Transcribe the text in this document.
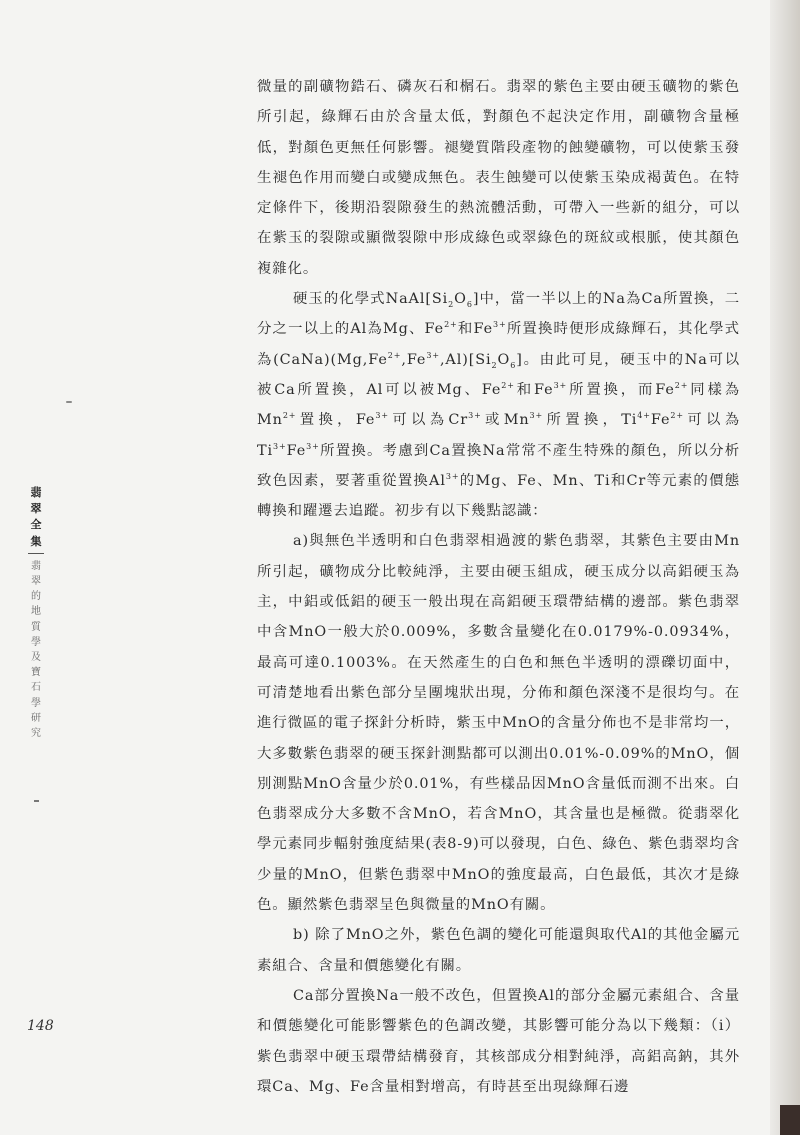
翡
翠
全
集
翡
翠
的
地
質
學
及
寶
石
學
研
究

微量的副礦物鋯石、磷灰石和榍石。翡翠的紫色主要由硬玉礦物的紫色所引起，綠輝石由於含量太低，對顏色不起決定作用，副礦物含量極低，對顏色更無任何影響。褪變質階段產物的蝕變礦物，可以使紫玉發生褪色作用而變白或變成無色。表生蝕變可以使紫玉染成褐黃色。在特定條件下，後期沿裂隙發生的熱流體活動，可帶入一些新的組分，可以在紫玉的裂隙或顯微裂隙中形成綠色或翠綠色的斑紋或根脈，使其顏色複雜化。

硬玉的化學式$NaAl[Si_2O_6]$中，當一半以上的Na為Ca所置換，二分之一以上的Al為Mg、$Fe^{2+}$和$Fe^{3+}$所置換時便形成綠輝石，其化學式為$(CaNa)(Mg,Fe^{2+},Fe^{3+},Al)[Si_2O_6]$。由此可見，硬玉中的Na可以被Ca所置換，Al可以被Mg、$Fe^{2+}$和$Fe^{3+}$所置換，而$Fe^{2+}$同樣為$Mn^{2+}$置換，$Fe^{3+}$可以為$Cr^{3+}$或$Mn^{3+}$所置換，$Ti^{4+}Fe^{2+}$可以為$Ti^{3+}Fe^{3+}$所置換。考慮到Ca置換Na常常不產生特殊的顏色，所以分析致色因素，要著重從置換$Al^{3+}$的Mg、Fe、Mn、Ti和Cr等元素的價態轉換和躍遷去追蹤。初步有以下幾點認識：

a)與無色半透明和白色翡翠相過渡的紫色翡翠，其紫色主要由Mn所引起，礦物成分比較純淨，主要由硬玉組成，硬玉成分以高鋁硬玉為主，中鋁或低鋁的硬玉一般出現在高鋁硬玉環帶結構的邊部。紫色翡翠中含MnO一般大於0.009%，多數含量變化在0.0179%-0.0934%，最高可達0.1003%。在天然產生的白色和無色半透明的漂礫切面中，可清楚地看出紫色部分呈團塊狀出現，分佈和顏色深淺不是很均勻。在進行微區的電子探針分析時，紫玉中MnO的含量分佈也不是非常均一，大多數紫色翡翠的硬玉探針測點都可以測出0.01%-0.09%的MnO，個別測點MnO含量少於0.01%，有些樣品因MnO含量低而測不出來。白色翡翠成分大多數不含MnO，若含MnO，其含量也是極微。從翡翠化學元素同步輻射強度結果(表8-9)可以發現，白色、綠色、紫色翡翠均含少量的MnO，但紫色翡翠中MnO的強度最高，白色最低，其次才是綠色。顯然紫色翡翠呈色與微量的MnO有關。

b) 除了MnO之外，紫色色調的變化可能還與取代Al的其他金屬元素組合、含量和價態變化有關。

Ca部分置換Na一般不改色，但置換Al的部分金屬元素組合、含量和價態變化可能影響紫色的色調改變，其影響可能分為以下幾類：（i） 紫色翡翠中硬玉環帶結構發育，其核部成分相對純淨，高鋁高鈉，其外環Ca、Mg、Fe含量相對增高，有時甚至出現綠輝石邊

148
